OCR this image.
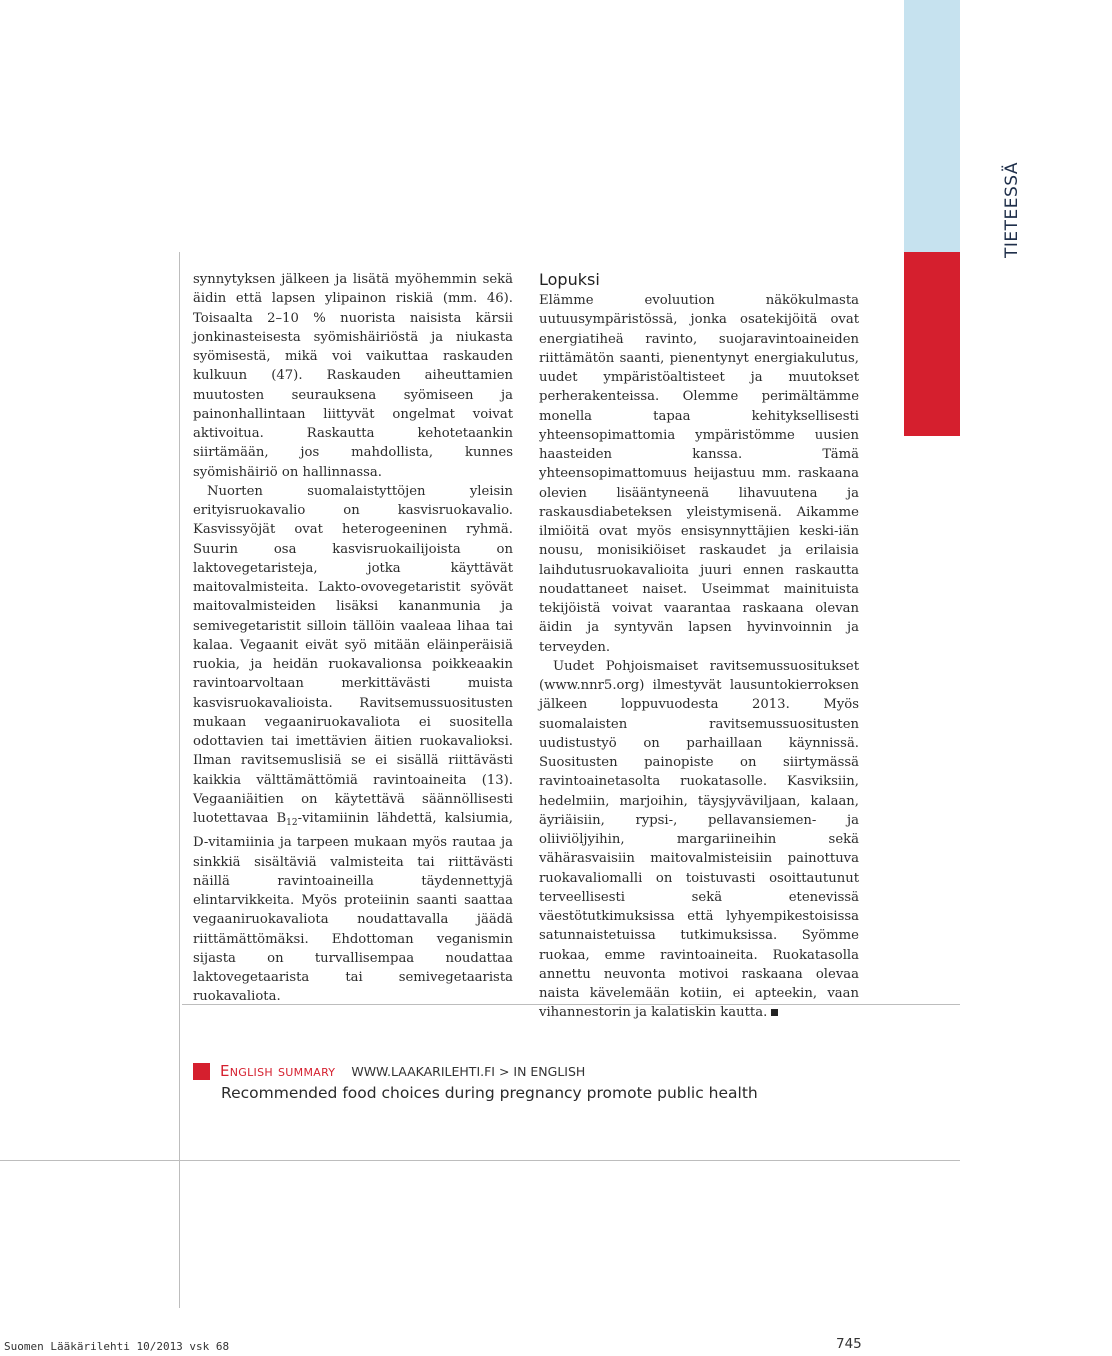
TIETEESSÄ

synnytyksen jälkeen ja lisätä myöhemmin sekä äidin että lapsen ylipainon riskiä (mm. 46). Toisaalta 2–10 % nuorista naisista kärsii jonkinasteisesta syömishäiriöstä ja niukasta syömisestä, mikä voi vaikuttaa raskauden kulkuun (47). Raskauden aiheuttamien muutosten seurauksena syömiseen ja painonhallintaan liittyvät ongelmat voivat aktivoitua. Raskautta kehotetaankin siirtämään, jos mahdollista, kunnes syömishäiriö on hallinnassa.

Nuorten suomalaistyttöjen yleisin erityisruokavalio on kasvisruokavalio. Kasvissyöjät ovat heterogeeninen ryhmä. Suurin osa kasvisruokailijoista on laktovegetaristeja, jotka käyttävät maitovalmisteita. Lakto-ovovegetaristit syövät maitovalmisteiden lisäksi kananmunia ja semivegetaristit silloin tällöin vaaleaa lihaa tai kalaa. Vegaanit eivät syö mitään eläinperäisiä ruokia, ja heidän ruokavalionsa poikkeaakin ravintoarvoltaan merkittävästi muista kasvisruokavalioista. Ravitsemussuositusten mukaan vegaaniruokavaliota ei suositella odottavien tai imettävien äitien ruokavalioksi. Ilman ravitsemuslisiä se ei sisällä riittävästi kaikkia välttämättömiä ravintoaineita (13). Vegaaniäitien on käytettävä säännöllisesti luotettavaa $B_{12}$-vitamiinin lähdettä, kalsiumia, D-vitamiinia ja tarpeen mukaan myös rautaa ja sinkkiä sisältäviä valmisteita tai riittävästi näillä ravintoaineilla täydennettyjä elintarvikkeita. Myös proteiinin saanti saattaa vegaaniruokavaliota noudattavalla jäädä riittämättömäksi. Ehdottoman veganismin sijasta on turvallisempaa noudattaa laktovegetaarista tai semivegetaarista ruokavaliota.

Lopuksi

Elämme evoluution näkökulmasta uutuusympäristössä, jonka osatekijöitä ovat energiatiheä ravinto, suojaravintoaineiden riittämätön saanti, pienentynyt energiakulutus, uudet ympäristöaltisteet ja muutokset perherakenteissa. Olemme perimältämme monella tapaa kehityksellisesti yhteensopimattomia ympäristömme uusien haasteiden kanssa. Tämä yhteensopimattomuus heijastuu mm. raskaana olevien lisääntyneenä lihavuutena ja raskausdiabeteksen yleistymisenä. Aikamme ilmiöitä ovat myös ensisynnyttäjien keski-iän nousu, monisikiöiset raskaudet ja erilaisia laihdutusruokavalioita juuri ennen raskautta noudattaneet naiset. Useimmat mainituista tekijöistä voivat vaarantaa raskaana olevan äidin ja syntyvän lapsen hyvinvoinnin ja terveyden.

Uudet Pohjoismaiset ravitsemussuositukset (www.nnr5.org) ilmestyvät lausuntokierroksen jälkeen loppuvuodesta 2013. Myös suomalaisten ravitsemussuositusten uudistustyö on parhaillaan käynnissä. Suositusten painopiste on siirtymässä ravintoainetasolta ruokatasolle. Kasviksiin, hedelmiin, marjoihin, täysjyväviljaan, kalaan, äyriäisiin, rypsi-, pellavansiemen- ja oliiviöljyihin, margariineihin sekä vähärasvaisiin maitovalmisteisiin painottuva ruokavaliomalli on toistuvasti osoittautunut terveellisesti sekä etenevissä väestötutkimuksissa että lyhyempikestoisissa satunnaistetuissa tutkimuksissa. Syömme ruokaa, emme ravintoaineita. Ruokatasolla annettu neuvonta motivoi raskaana olevaa naista kävelemään kotiin, ei apteekin, vaan vihannestorin ja kalatiskin kautta.

English summary WWW.LAAKARILEHTI.FI > IN ENGLISH
Recommended food choices during pregnancy promote public health
Suomen Lääkärilehti 10/2013 vsk 68	745
